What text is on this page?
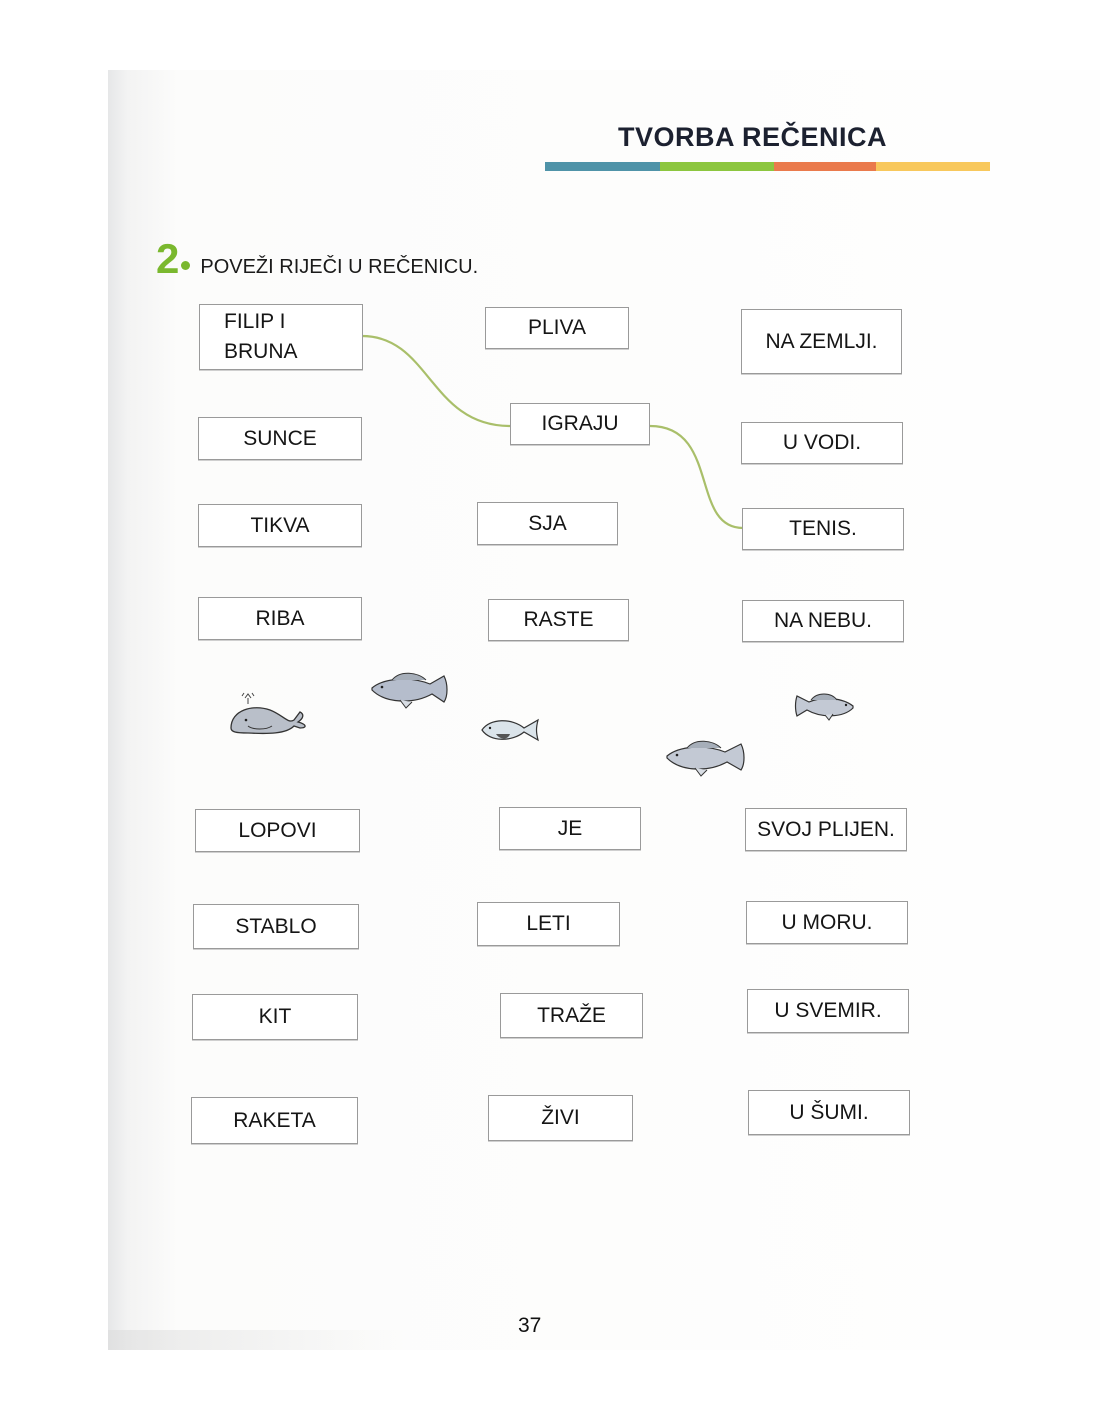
TVORBA REČENICA
2 POVEŽI RIJEČI U REČENICU.
FILIP I BRUNA
SUNCE
TIKVA
RIBA
PLIVA
IGRAJU
SJA
RASTE
NA ZEMLJI.
U VODI.
TENIS.
NA NEBU.
LOPOVI
STABLO
KIT
RAKETA
JE
LETI
TRAŽE
ŽIVI
SVOJ PLIJEN.
U MORU.
U SVEMIR.
U ŠUMI.
37
